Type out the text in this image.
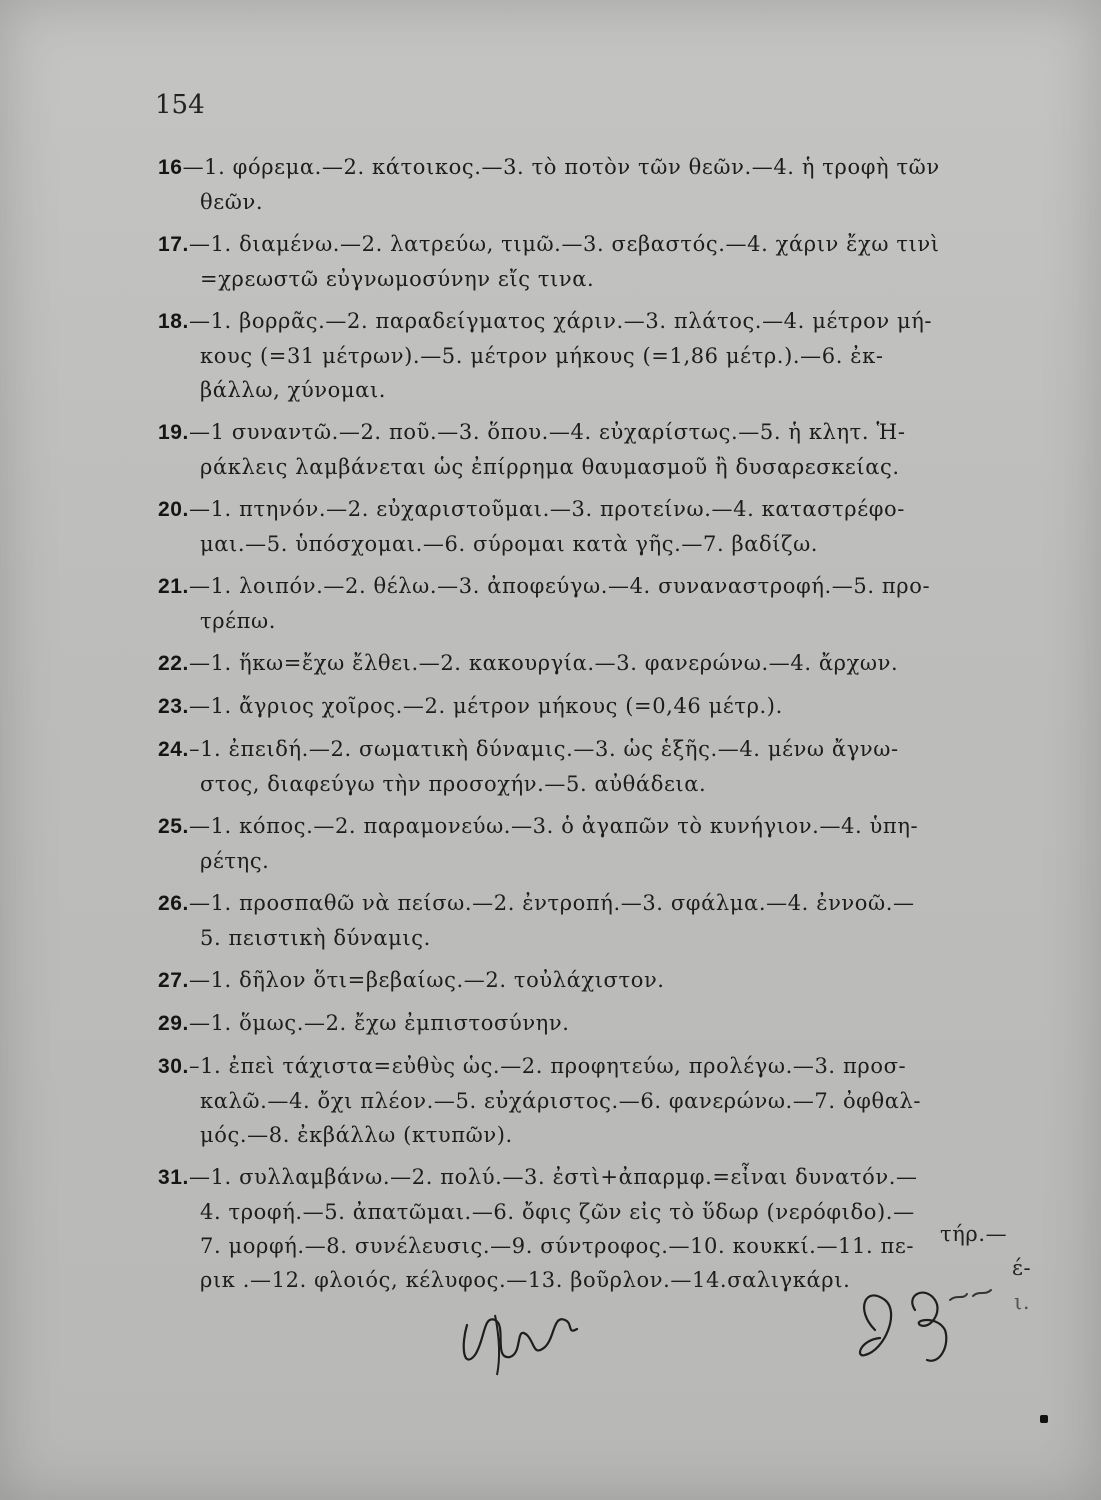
154
16—1. φόρεμα.—2. κάτοικος.—3. τὸ ποτὸν τῶν θεῶν.—4. ἡ τροφὴ τῶν
θεῶν.
17.—1. διαμένω.—2. λατρεύω, τιμῶ.—3. σεβαστός.—4. χάριν ἔχω τινὶ
=χρεωστῶ εὐγνωμοσύνην εἴς τινα.
18.—1. βορρᾶς.—2. παραδείγματος χάριν.—3. πλάτος.—4. μέτρον μή-
κους (=31 μέτρων).—5. μέτρον μήκους (=1,86 μέτρ.).—6. ἐκ-
βάλλω, χύνομαι.
19.—1 συναντῶ.—2. ποῦ.—3. ὅπου.—4. εὐχαρίστως.—5. ἡ κλητ. Ἡ-
ράκλεις λαμβάνεται ὡς ἐπίρρημα θαυμασμοῦ ἢ δυσαρεσκείας.
20.—1. πτηνόν.—2. εὐχαριστοῦμαι.—3. προτείνω.—4. καταστρέφο-
μαι.—5. ὑπόσχομαι.—6. σύρομαι κατὰ γῆς.—7. βαδίζω.
21.—1. λοιπόν.—2. θέλω.—3. ἀποφεύγω.—4. συναναστροφή.—5. προ-
τρέπω.
22.—1. ἥκω=ἔχω ἔλθει.—2. κακουργία.—3. φανερώνω.—4. ἄρχων.
23.—1. ἄγριος χοῖρος.—2. μέτρον μήκους (=0,46 μέτρ.).
24.–1. ἐπειδή.—2. σωματικὴ δύναμις.—3. ὡς ἑξῆς.—4. μένω ἄγνω-
στος, διαφεύγω τὴν προσοχήν.—5. αὐθάδεια.
25.—1. κόπος.—2. παραμονεύω.—3. ὁ ἀγαπῶν τὸ κυνήγιον.—4. ὑπη-
ρέτης.
26.—1. προσπαθῶ νὰ πείσω.—2. ἐντροπή.—3. σφάλμα.—4. ἐννοῶ.—
5. πειστικὴ δύναμις.
27.—1. δῆλον ὅτι=βεβαίως.—2. τοὐλάχιστον.
29.—1. ὅμως.—2. ἔχω ἐμπιστοσύνην.
30.–1. ἐπεὶ τάχιστα=εὐθὺς ὡς.—2. προφητεύω, προλέγω.—3. προσ-
καλῶ.—4. ὄχι πλέον.—5. εὐχάριστος.—6. φανερώνω.—7. ὀφθαλ-
μός.—8. ἐκβάλλω (κτυπῶν).
31.—1. συλλαμβάνω.—2. πολύ.—3. ἐστὶ+ἀπαρμφ.=εἶναι δυνατόν.—
4. τροφή.—5. ἀπατῶμαι.—6. ὄφις ζῶν εἰς τὸ ὕδωρ (νερόφιδο).—
7. μορφή.—8. συνέλευσις.—9. σύντροφος.—10. κουκκί.—11. πε-
ρικ .—12. φλοιός, κέλυφος.—13. βοῦρλον.—14.σαλιγκάρι.
τήρ.—
έ-
ι.
